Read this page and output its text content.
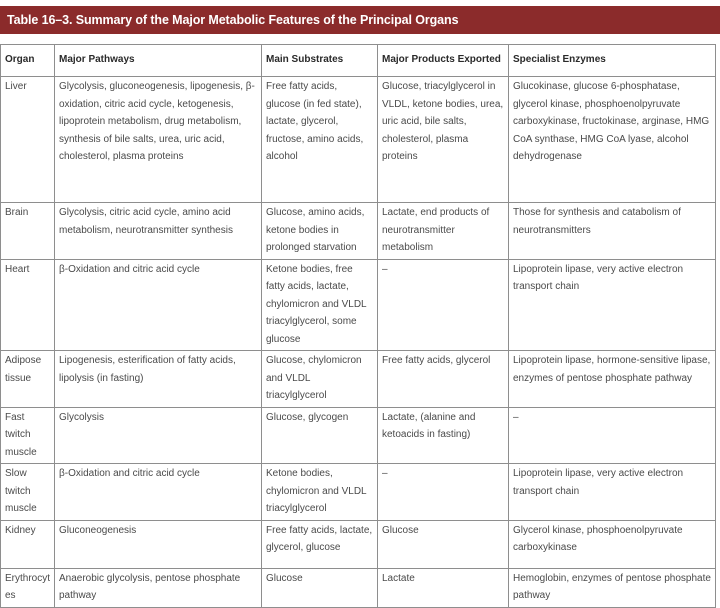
Table 16–3. Summary of the Major Metabolic Features of the Principal Organs
Organ	Major Pathways	Main Substrates	Major Products Exported	Specialist Enzymes
Liver	Glycolysis, gluconeogenesis, lipogenesis, β-oxidation, citric acid cycle, ketogenesis, lipoprotein metabolism, drug metabolism, synthesis of bile salts, urea, uric acid, cholesterol, plasma proteins	Free fatty acids, glucose (in fed state), lactate, glycerol, fructose, amino acids, alcohol	Glucose, triacylglycerol in VLDL, ketone bodies, urea, uric acid, bile salts, cholesterol, plasma proteins	Glucokinase, glucose 6-phosphatase, glycerol kinase, phosphoenolpyruvate carboxykinase, fructokinase, arginase, HMG CoA synthase, HMG CoA lyase, alcohol dehydrogenase
Brain	Glycolysis, citric acid cycle, amino acid metabolism, neurotransmitter synthesis	Glucose, amino acids, ketone bodies in prolonged starvation	Lactate, end products of neurotransmitter metabolism	Those for synthesis and catabolism of neurotransmitters
Heart	β-Oxidation and citric acid cycle	Ketone bodies, free fatty acids, lactate, chylomicron and VLDL triacylglycerol, some glucose	–	Lipoprotein lipase, very active electron transport chain
Adipose tissue	Lipogenesis, esterification of fatty acids, lipolysis (in fasting)	Glucose, chylomicron and VLDL triacylglycerol	Free fatty acids, glycerol	Lipoprotein lipase, hormone-sensitive lipase, enzymes of pentose phosphate pathway
Fast twitch muscle	Glycolysis	Glucose, glycogen	Lactate, (alanine and ketoacids in fasting)	–
Slow twitch muscle	β-Oxidation and citric acid cycle	Ketone bodies, chylomicron and VLDL triacylglycerol	–	Lipoprotein lipase, very active electron transport chain
Kidney	Gluconeogenesis	Free fatty acids, lactate, glycerol, glucose	Glucose	Glycerol kinase, phosphoenolpyruvate carboxykinase
Erythrocytes	Anaerobic glycolysis, pentose phosphate pathway	Glucose	Lactate	Hemoglobin, enzymes of pentose phosphate pathway
